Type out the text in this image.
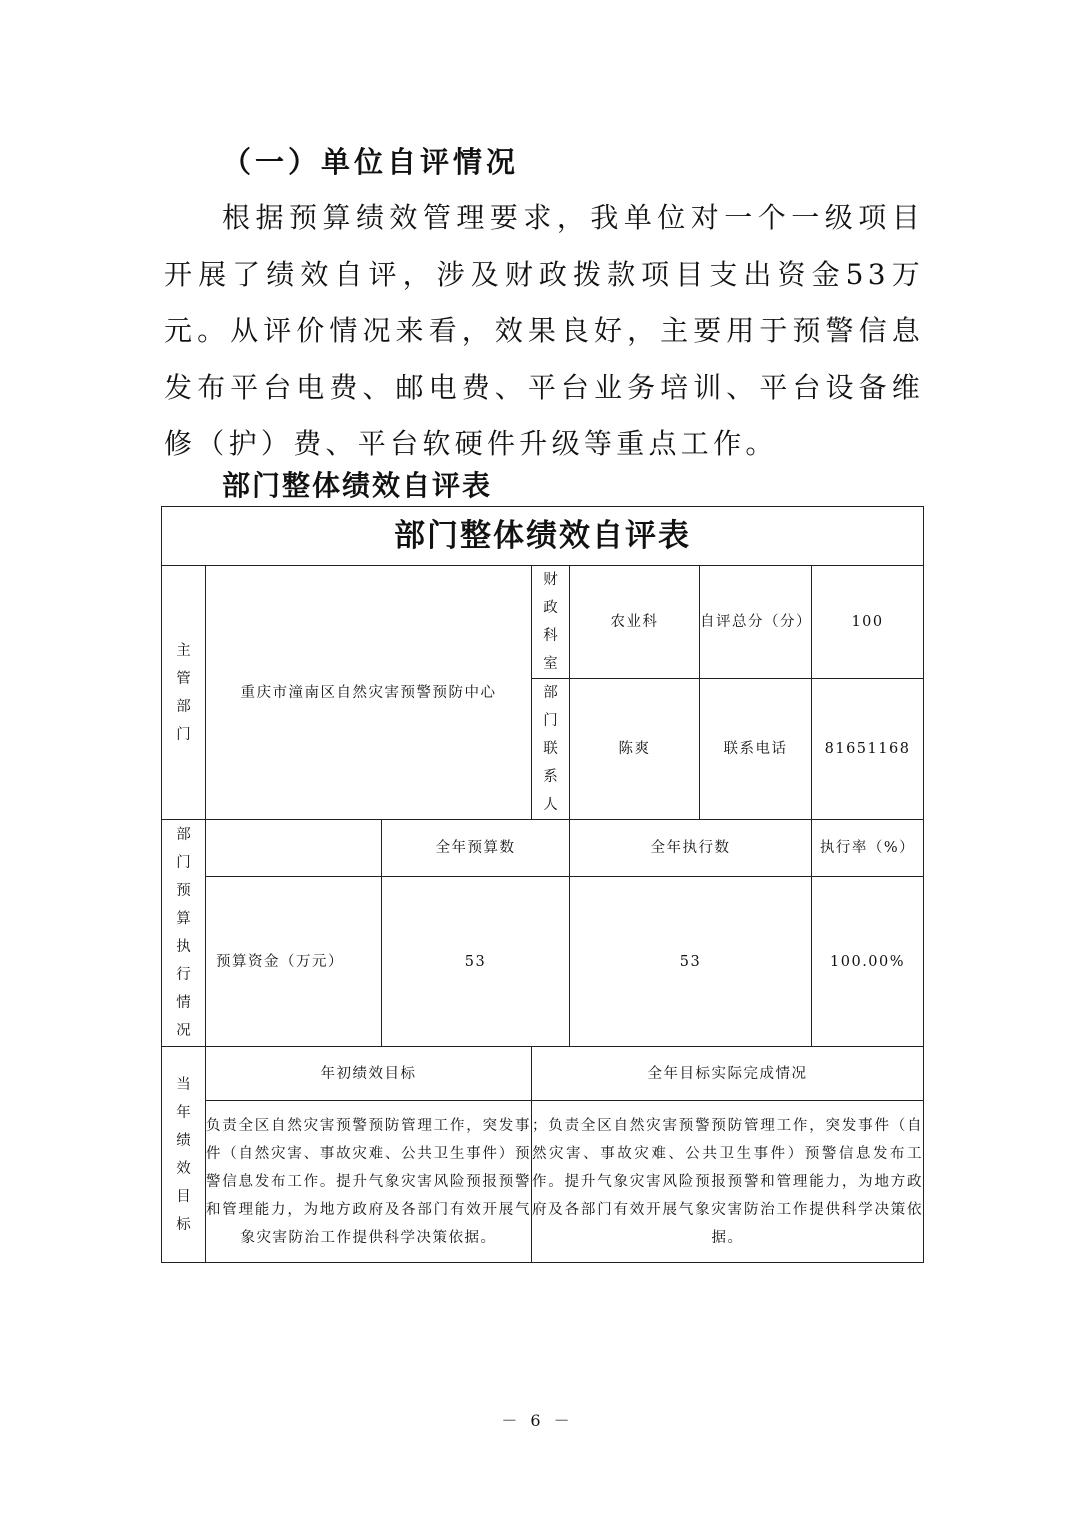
（一）单位自评情况

根据预算绩效管理要求，我单位对一个一级项目开展了绩效自评，涉及财政拨款项目支出资金53万元。从评价情况来看，效果良好，主要用于预警信息发布平台电费、邮电费、平台业务培训、平台设备维修（护）费、平台软硬件升级等重点工作。

部门整体绩效自评表
部门整体绩效自评表						

主管部门	重庆市潼南区自然灾害预警预防中心		财政科室	农业科	自评总分（分）	100

			部门联系人	陈爽	联系电话	81651168

部门预算执行情况		全年预算数		全年执行数		执行率（%）
	预算资金（万元）	53		53		100.00%

当年绩效目标	年初绩效目标		全年目标实际完成情况			
	负责全区自然灾害预警预防管理工作，突发事件（自然灾害、事故灾难、公共卫生事件）预警信息发布工作。提升气象灾害风险预报预警和管理能力，为地方政府及各部门有效开展气象灾害防治工作提供科学决策依据。		；负责全区自然灾害预警预防管理工作，突发事件（自然灾害、事故灾难、公共卫生事件）预警信息发布工作。提升气象灾害风险预报预警和管理能力，为地方政府及各部门有效开展气象灾害防治工作提供科学决策依据。			
－ 6 －
